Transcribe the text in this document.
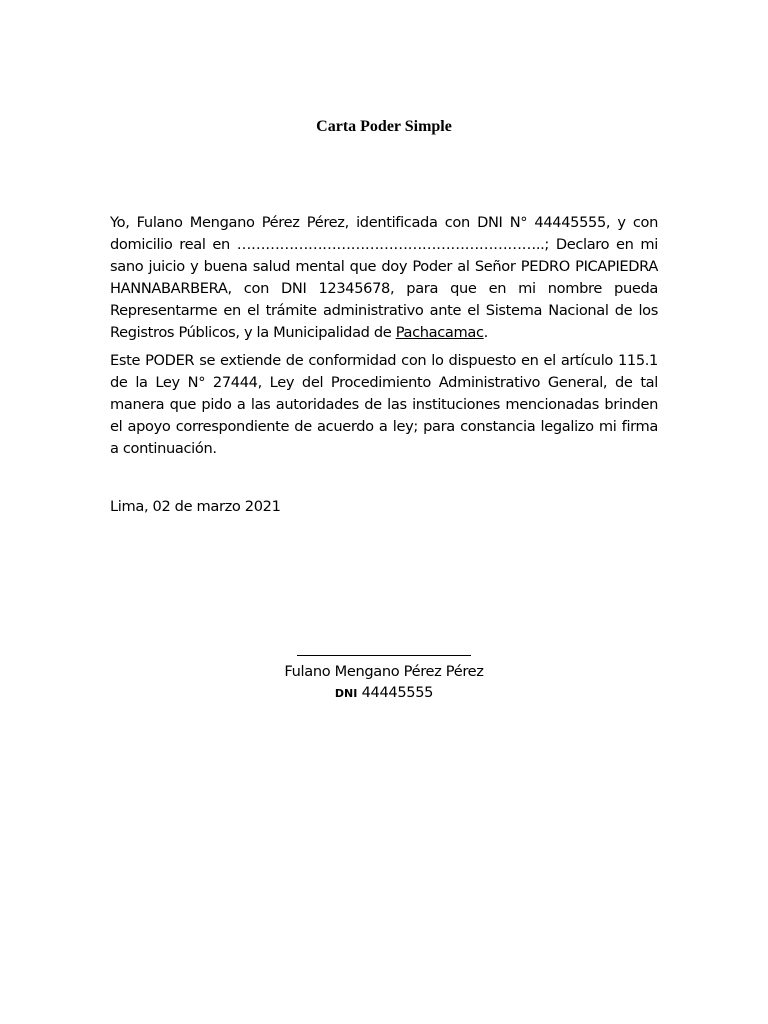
Carta Poder Simple

Yo, Fulano Mengano Pérez Pérez, identificada con DNI N° 44445555, y con domicilio real en ………………………………………………………..; Declaro en mi sano juicio y buena salud mental que doy Poder al Señor PEDRO PICAPIEDRA HANNABARBERA, con DNI 12345678, para que en mi nombre pueda Representarme en el trámite administrativo ante el Sistema Nacional de los Registros Públicos, y la Municipalidad de Pachacamac.

Este PODER se extiende de conformidad con lo dispuesto en el artículo 115.1 de la Ley N° 27444, Ley del Procedimiento Administrativo General, de tal manera que pido a las autoridades de las instituciones mencionadas brinden el apoyo correspondiente de acuerdo a ley; para constancia legalizo mi firma a continuación.

Lima, 02 de marzo 2021

Fulano Mengano Pérez Pérez

DNI 44445555
